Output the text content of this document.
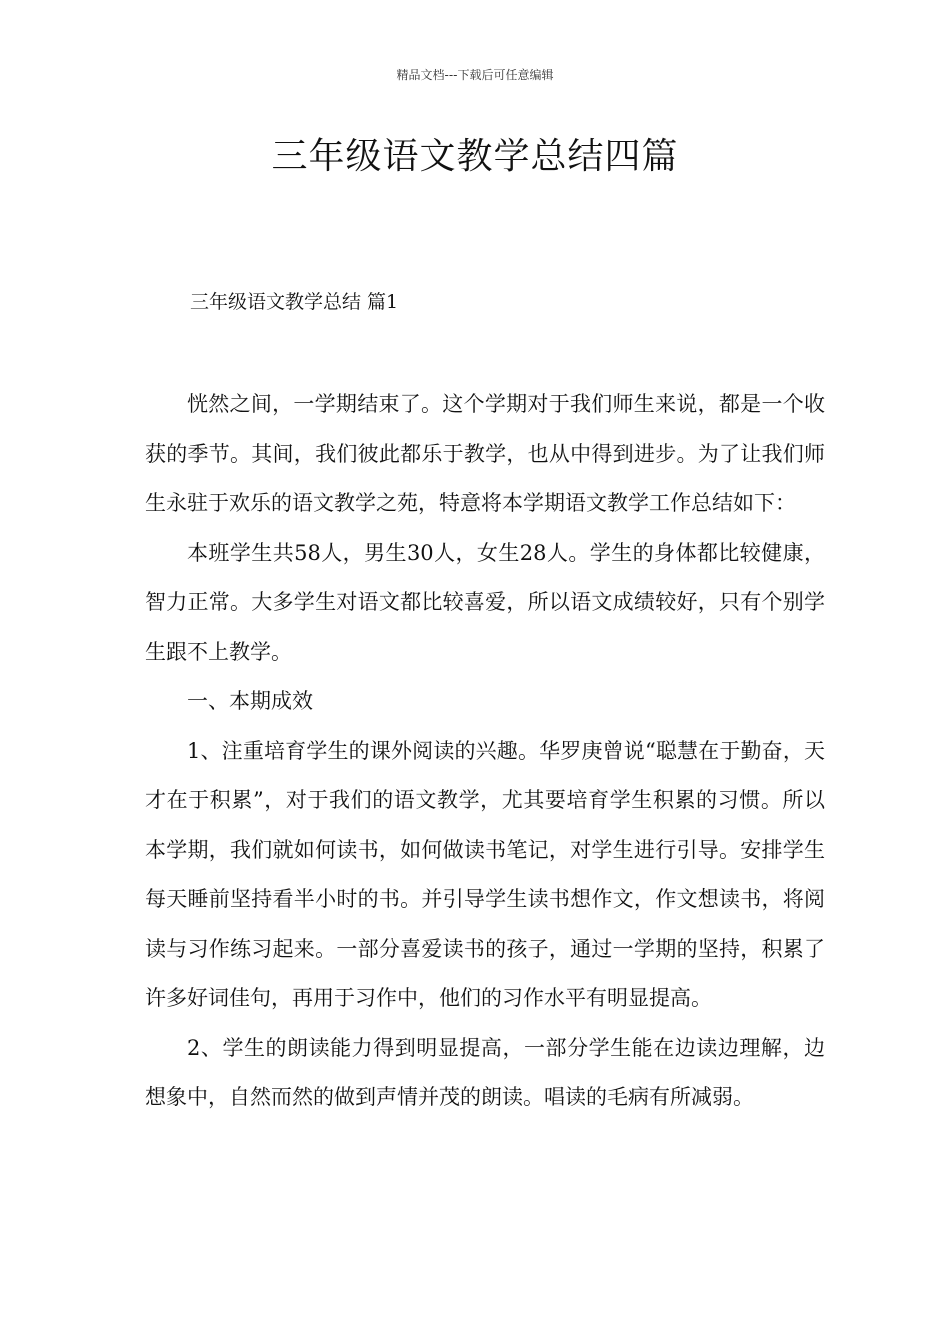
精品文档---下载后可任意编辑
三年级语文教学总结四篇
三年级语文教学总结 篇1

恍然之间，一学期结束了。这个学期对于我们师生来说，都是一个收获的季节。其间，我们彼此都乐于教学，也从中得到进步。为了让我们师生永驻于欢乐的语文教学之苑，特意将本学期语文教学工作总结如下：

本班学生共58人，男生30人，女生28人。学生的身体都比较健康，智力正常。大多学生对语文都比较喜爱，所以语文成绩较好，只有个别学生跟不上教学。

一、本期成效

1、注重培育学生的课外阅读的兴趣。华罗庚曾说“聪慧在于勤奋，天才在于积累”，对于我们的语文教学，尤其要培育学生积累的习惯。所以本学期，我们就如何读书，如何做读书笔记，对学生进行引导。安排学生每天睡前坚持看半小时的书。并引导学生读书想作文，作文想读书，将阅读与习作练习起来。一部分喜爱读书的孩子，通过一学期的坚持，积累了许多好词佳句，再用于习作中，他们的习作水平有明显提高。

2、学生的朗读能力得到明显提高，一部分学生能在边读边理解，边想象中，自然而然的做到声情并茂的朗读。唱读的毛病有所减弱。
